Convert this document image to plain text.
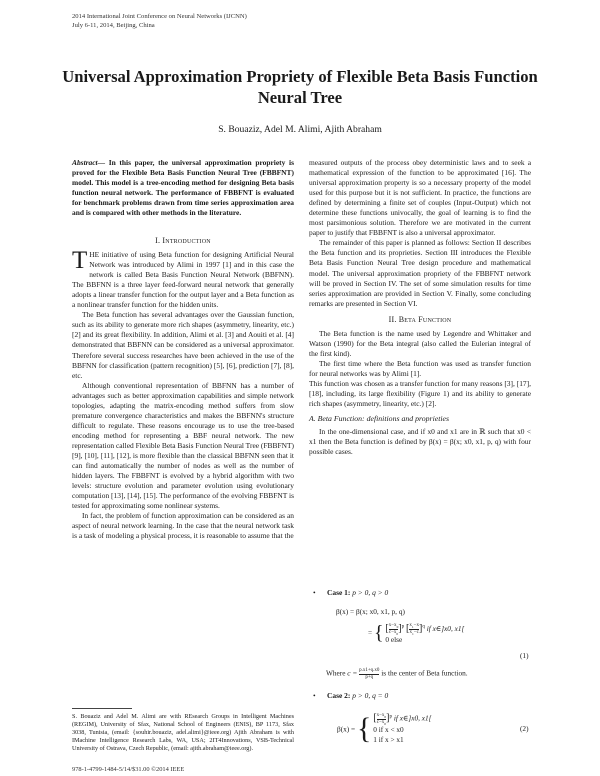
2014 International Joint Conference on Neural Networks (IJCNN)
July 6-11, 2014, Beijing, China
Universal Approximation Propriety of Flexible Beta Basis Function Neural Tree
S. Bouaziz, Adel M. Alimi, Ajith Abraham
Abstract— In this paper, the universal approximation propriety is proved for the Flexible Beta Basis Function Neural Tree (FBBFNT) model. This model is a tree-encoding method for designing Beta basis function neural network. The performance of FBBFNT is evaluated for benchmark problems drawn from time series approximation area and is compared with other methods in the literature.
I. Introduction

THE initiative of using Beta function for designing Artificial Neural Network was introduced by Alimi in 1997 [1] and in this case the network is called Beta Basis Function Neural Network (BBFNN). The BBFNN is a three layer feed-forward neural network that generally adopts a linear transfer function for the output layer and a Beta function as a nonlinear transfer function for the hidden units.

The Beta function has several advantages over the Gaussian function, such as its ability to generate more rich shapes (asymmetry, linearity, etc.) [2] and its great flexibility. In addition, Alimi et al. [3] and Aouiti et al. [4] demonstrated that BBFNN can be considered as a universal approximator. Therefore several success researches have been achieved in the use of the BBFNN for classification (pattern recognition) [5], [6], prediction [7], [8], etc.

Although conventional representation of BBFNN has a number of advantages such as better approximation capabilities and simple network topologies, adapting the matrix-encoding method suffers from slow premature convergence characteristics and makes the BBFNN's structure difficult to regulate. These reasons encourage us to use the tree-based encoding method for representing a BBF neural network. The new representation called Flexible Beta Basis Function Neural Tree (FBBFNT) [9], [10], [11], [12], is more flexible than the classical BBFNN seen that it can find automatically the number of nodes as well as the number of hidden layers. The FBBFNT is evolved by a hybrid algorithm with two levels: structure evolution and parameter evolution using evolutionary computation [13], [14], [15]. The performance of the evolving FBBFNT is tested for approximating some nonlinear systems.

In fact, the problem of function approximation can be considered as an aspect of neural network learning. In the case that the neural network task is a task of modeling a physical process, it is reasonable to assume that the

S. Bouaziz and Adel M. Alimi are with REsearch Groups in Intelligent Machines (REGIM), University of Sfax, National School of Engineers (ENIS), BP 1173, Sfax 3038, Tunisia, (email: {souhir.bouaziz, adel.alimi}@ieee.org) Ajith Abraham is with IMachine Intelligence Research Labs, WA, USA; 2IT4Innovations, VSB-Technical University of Ostrava, Czech Republic, (email: ajith.abraham@ieee.org).
978-1-4799-1484-5/14/$31.00 ©2014 IEEE

measured outputs of the process obey deterministic laws and to seek a mathematical expression of the function to be approximated [16]. The universal approximation property is so a necessary property of the model used for this purpose but it is not sufficient. In practice, the functions are defined by determining a finite set of couples (Input-Output) which not determine these functions univocally, the goal of learning is to find the most parsimonious solution. Therefore we are motivated in the current paper to justify that FBBFNT is also a universal approximator.

The remainder of this paper is planned as follows: Section II describes the Beta function and its proprieties. Section III introduces the Flexible Beta Basis Function Neural Tree design procedure and mathematical model. The universal approximation propriety of the FBBFNT network will be proved in Section IV. The set of some simulation results for time series approximation are provided in Section V. Finally, some concluding remarks are presented in Section VI.

II. Beta Function

The Beta function is the name used by Legendre and Whittaker and Watson (1990) for the Beta integral (also called the Eulerian integral of the first kind).

The first time where the Beta function was used as transfer function for neural networks was by Alimi [1].

This function was chosen as a transfer function for many reasons [3], [17], [18], including, its large flexibility (Figure 1) and its ability to generate rich shapes (asymmetry, linearity, etc.) [2].

A. Beta Function: definitions and proprieties

In the one-dimensional case, and if x0 and x1 are in ℝ such that x0 < x1 then the Beta function is defined by β(x) = β(x; x0, x1, p, q) with four possible cases.

•	Case 1: p > 0, q > 0
β(x) = β(x; x0, x1, p, q)
= { [ $\frac{x-x_0}{c-x_0} ]^p$ [ $\frac{x_1-x}{x_1-c} ]^q$ if x∈]x0, x1[
0 else
(1)
Where $c = \frac{p.x1+q.x0}{p+q}$ is the center of Beta function.
•	Case 2: p > 0, q = 0
β(x) = { [ $\frac{x-x_0}{c-x_0} ]^p$ if x∈]x0, x1[
0 if x < x0
1 if x > x1
(2)
